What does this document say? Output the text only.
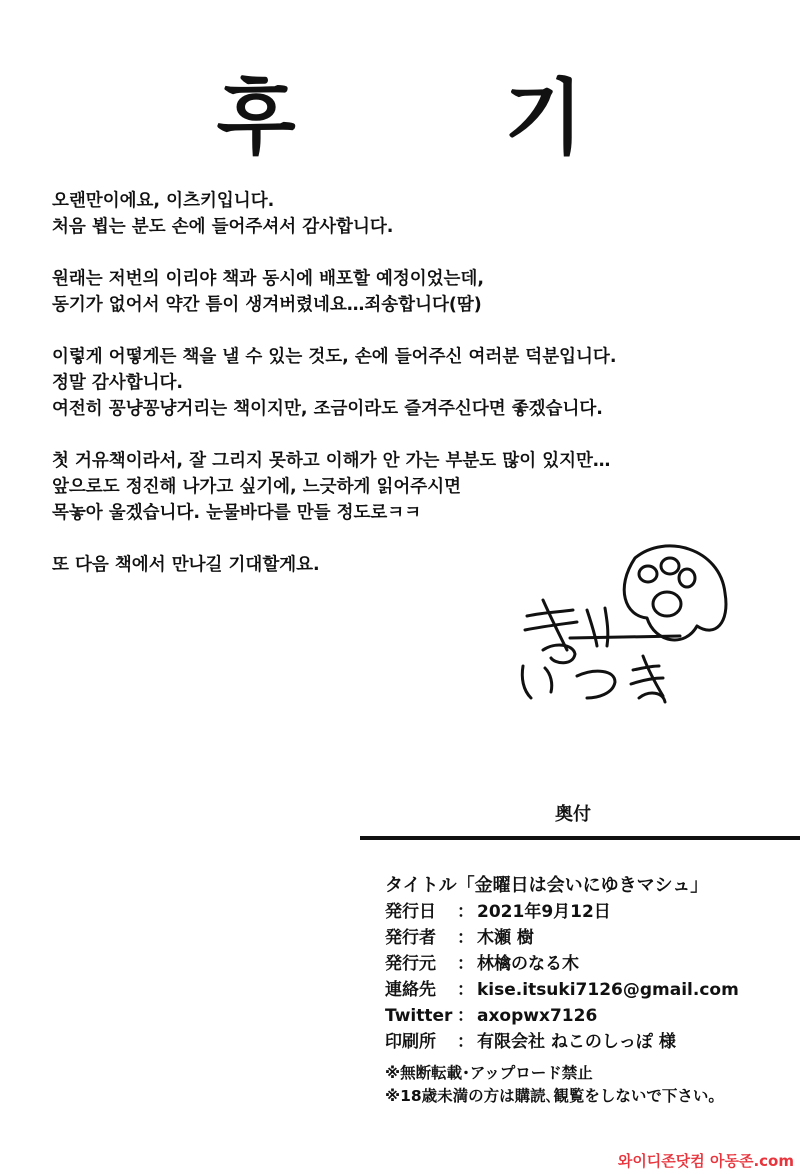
후 기
오랜만이에요, 이츠키입니다.
처음 뵙는 분도 손에 들어주셔서 감사합니다.
원래는 저번의 이리야 책과 동시에 배포할 예정이었는데,
동기가 없어서 약간 틈이 생겨버렸네요…죄송합니다(땀)
이렇게 어떻게든 책을 낼 수 있는 것도, 손에 들어주신 여러분 덕분입니다.
정말 감사합니다.
여전히 꽁냥꽁냥거리는 책이지만, 조금이라도 즐겨주신다면 좋겠습니다.
첫 거유책이라서, 잘 그리지 못하고 이해가 안 가는 부분도 많이 있지만…
앞으로도 정진해 나가고 싶기에, 느긋하게 읽어주시면
목놓아 울겠습니다. 눈물바다를 만들 정도로ㅋㅋ
또 다음 책에서 만나길 기대할게요.
奥付
タイトル「金曜日は会いにゆきマシュ」
発行日 ： 2021年9月12日
発行者 ： 木瀬 樹
発行元 ： 林檎のなる木
連絡先 ： kise.itsuki7126@gmail.com
Twitter ： axopwx7126
印刷所 ： 有限会社 ねこのしっぽ 様
※無断転載･アップロード禁止
※18歳未満の方は購読､観覧をしないで下さい。
와이디존닷컴 아동존.com
